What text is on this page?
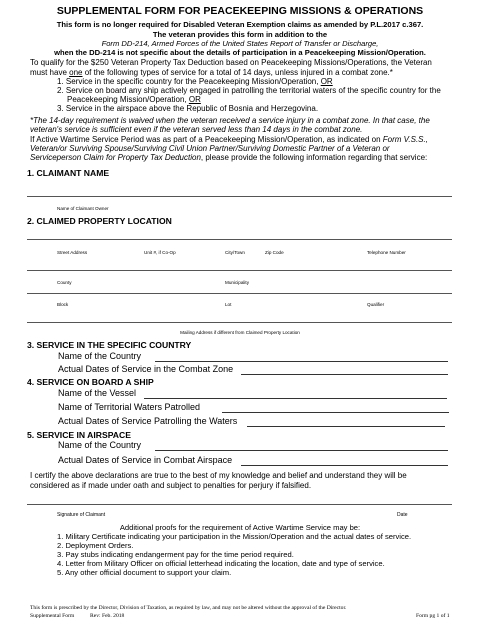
SUPPLEMENTAL FORM FOR PEACEKEEPING MISSIONS & OPERATIONS
This form is no longer required for Disabled Veteran Exemption claims as amended by P.L.2017 c.367.
The veteran provides this form in addition to the
Form DD-214, Armed Forces of the United States Report of Transfer or Discharge,
when the DD-214 is not specific about the details of participation in a Peacekeeping Mission/Operation.
To qualify for the $250 Veteran Property Tax Deduction based on Peacekeeping Missions/Operations, the Veteran
must have one of the following types of service for a total of 14 days, unless injured in a combat zone.*
1. Service in the specific country for the Peacekeeping Mission/Operation, OR
2. Service on board any ship actively engaged in patrolling the territorial waters of the specific country for the
Peacekeeping Mission/Operation, OR
3. Service in the airspace above the Republic of Bosnia and Herzegovina.
*The 14-day requirement is waived when the veteran received a service injury in a combat zone. In that case, the
veteran's service is sufficient even if the veteran served less than 14 days in the combat zone.
If Active Wartime Service Period was as part of a Peacekeeping Mission/Operation, as indicated on Form V.S.S.,
Veteran/or Surviving Spouse/Surviving Civil Union Partner/Surviving Domestic Partner of a Veteran or
Serviceperson Claim for Property Tax Deduction, please provide the following information regarding that service:
1. CLAIMANT NAME
Name of Claimant Owner
2. CLAIMED PROPERTY LOCATION
Street Address	Unit #, if Co-Op	City/Town	Zip Code	Telephone Number
County	Municipality
Block	Lot	Qualifier
Mailing Address if different from Claimed Property Location
3. SERVICE IN THE SPECIFIC COUNTRY
Name of the Country
Actual Dates of Service in the Combat Zone
4. SERVICE ON BOARD A SHIP
Name of the Vessel
Name of Territorial Waters Patrolled
Actual Dates of Service Patrolling the Waters
5. SERVICE IN AIRSPACE
Name of the Country
Actual Dates of Service in Combat Airspace
I certify the above declarations are true to the best of my knowledge and belief and understand they will be
considered as if made under oath and subject to penalties for perjury if falsified.
Signature of Claimant	Date
Additional proofs for the requirement of Active Wartime Service may be:
1. Military Certificate indicating your participation in the Mission/Operation and the actual dates of service.
2. Deployment Orders.
3. Pay stubs indicating endangerment pay for the time period required.
4. Letter from Military Officer on official letterhead indicating the location, date and type of service.
5. Any other official document to support your claim.
This form is prescribed by the Director, Division of Taxation, as required by law, and may not be altered without the approval of the Director.
Supplemental Form	Rev: Feb. 2018	Form pg 1 of 1
